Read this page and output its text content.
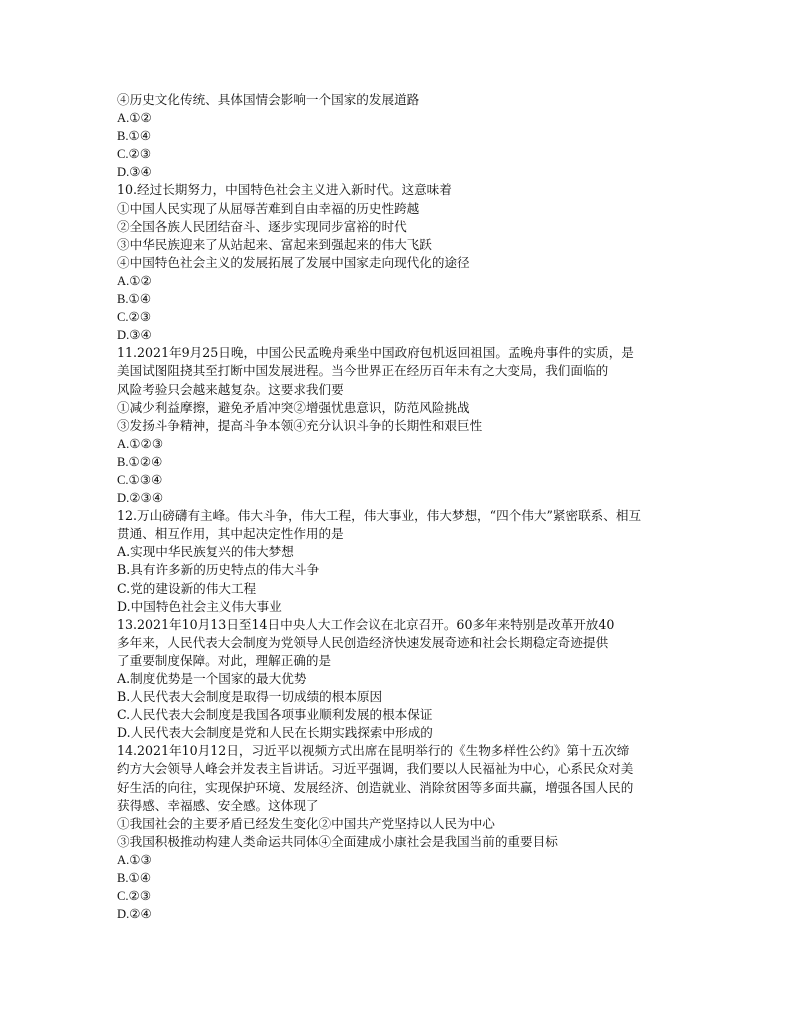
④历史文化传统、具体国情会影响一个国家的发展道路
A.①②
B.①④
C.②③
D.③④
10.经过长期努力，中国特色社会主义进入新时代。这意味着
①中国人民实现了从屈辱苦难到自由幸福的历史性跨越
②全国各族人民团结奋斗、逐步实现同步富裕的时代
③中华民族迎来了从站起来、富起来到强起来的伟大飞跃
④中国特色社会主义的发展拓展了发展中国家走向现代化的途径
A.①②
B.①④
C.②③
D.③④
11.2021年9月25日晚，中国公民孟晚舟乘坐中国政府包机返回祖国。孟晚舟事件的实质，是
美国试图阻挠其至打断中国发展进程。当今世界正在经历百年未有之大变局，我们面临的
风险考验只会越来越复杂。这要求我们要
①减少利益摩擦，避免矛盾冲突②增强忧患意识，防范风险挑战
③发扬斗争精神，提高斗争本领④充分认识斗争的长期性和艰巨性
A.①②③
B.①②④
C.①③④
D.②③④
12.万山磅礴有主峰。伟大斗争，伟大工程，伟大事业，伟大梦想，“四个伟大”紧密联系、相互
贯通、相互作用，其中起决定性作用的是
A.实现中华民族复兴的伟大梦想
B.具有许多新的历史特点的伟大斗争
C.党的建设新的伟大工程
D.中国特色社会主义伟大事业
13.2021年10月13日至14日中央人大工作会议在北京召开。60多年来特别是改革开放40
多年来，人民代表大会制度为党领导人民创造经济快速发展奇迹和社会长期稳定奇迹提供
了重要制度保障。对此，理解正确的是
A.制度优势是一个国家的最大优势
B.人民代表大会制度是取得一切成绩的根本原因
C.人民代表大会制度是我国各项事业顺利发展的根本保证
D.人民代表大会制度是党和人民在长期实践探索中形成的
14.2021年10月12日，习近平以视频方式出席在昆明举行的《生物多样性公约》第十五次缔
约方大会领导人峰会并发表主旨讲话。习近平强调，我们要以人民福祉为中心，心系民众对美
好生活的向往，实现保护环境、发展经济、创造就业、消除贫困等多面共赢，增强各国人民的
获得感、幸福感、安全感。这体现了
①我国社会的主要矛盾已经发生变化②中国共产党坚持以人民为中心
③我国积极推动构建人类命运共同体④全面建成小康社会是我国当前的重要目标
A.①③
B.①④
C.②③
D.②④
